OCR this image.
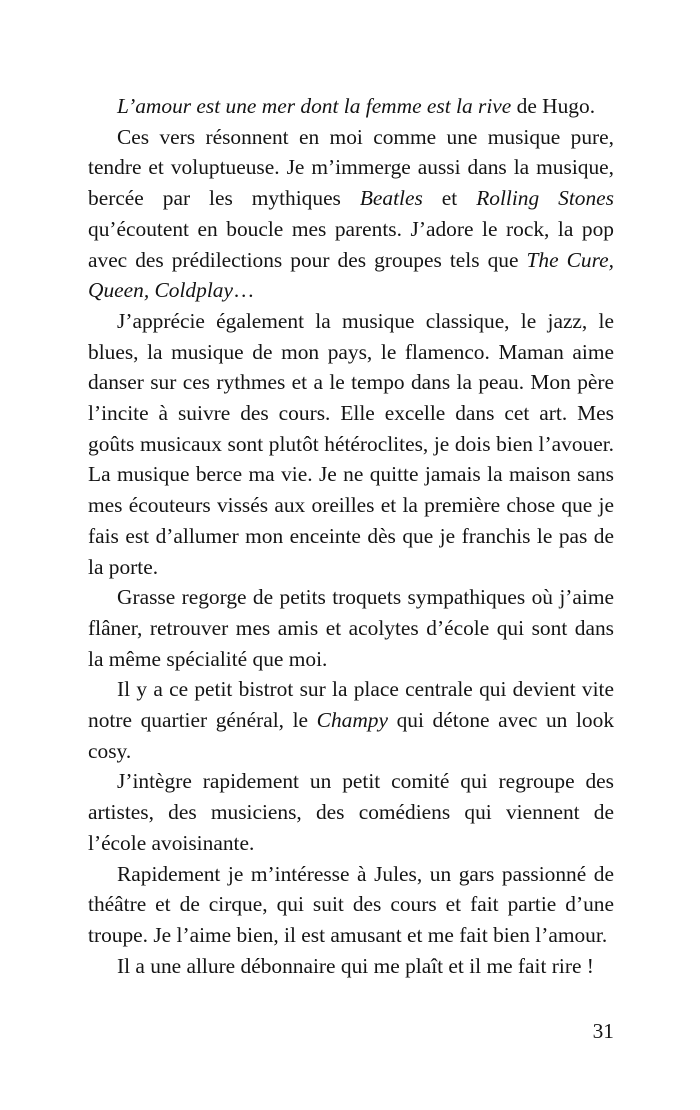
L’amour est une mer dont la femme est la rive de Hugo.

Ces vers résonnent en moi comme une musique pure, tendre et voluptueuse. Je m’immerge aussi dans la musique, bercée par les mythiques Beatles et Rolling Stones qu’écoutent en boucle mes parents. J’adore le rock, la pop avec des prédilections pour des groupes tels que The Cure, Queen, Coldplay…

J’apprécie également la musique classique, le jazz, le blues, la musique de mon pays, le flamenco. Maman aime danser sur ces rythmes et a le tempo dans la peau. Mon père l’incite à suivre des cours. Elle excelle dans cet art. Mes goûts musicaux sont plutôt hétéroclites, je dois bien l’avouer. La musique berce ma vie. Je ne quitte jamais la maison sans mes écouteurs vissés aux oreilles et la première chose que je fais est d’allumer mon enceinte dès que je franchis le pas de la porte.

Grasse regorge de petits troquets sympathiques où j’aime flâner, retrouver mes amis et acolytes d’école qui sont dans la même spécialité que moi.

Il y a ce petit bistrot sur la place centrale qui devient vite notre quartier général, le Champy qui détone avec un look cosy.

J’intègre rapidement un petit comité qui regroupe des artistes, des musiciens, des comédiens qui viennent de l’école avoisinante.

Rapidement je m’intéresse à Jules, un gars passionné de théâtre et de cirque, qui suit des cours et fait partie d’une troupe. Je l’aime bien, il est amusant et me fait bien l’amour.

Il a une allure débonnaire qui me plaît et il me fait rire !

31
